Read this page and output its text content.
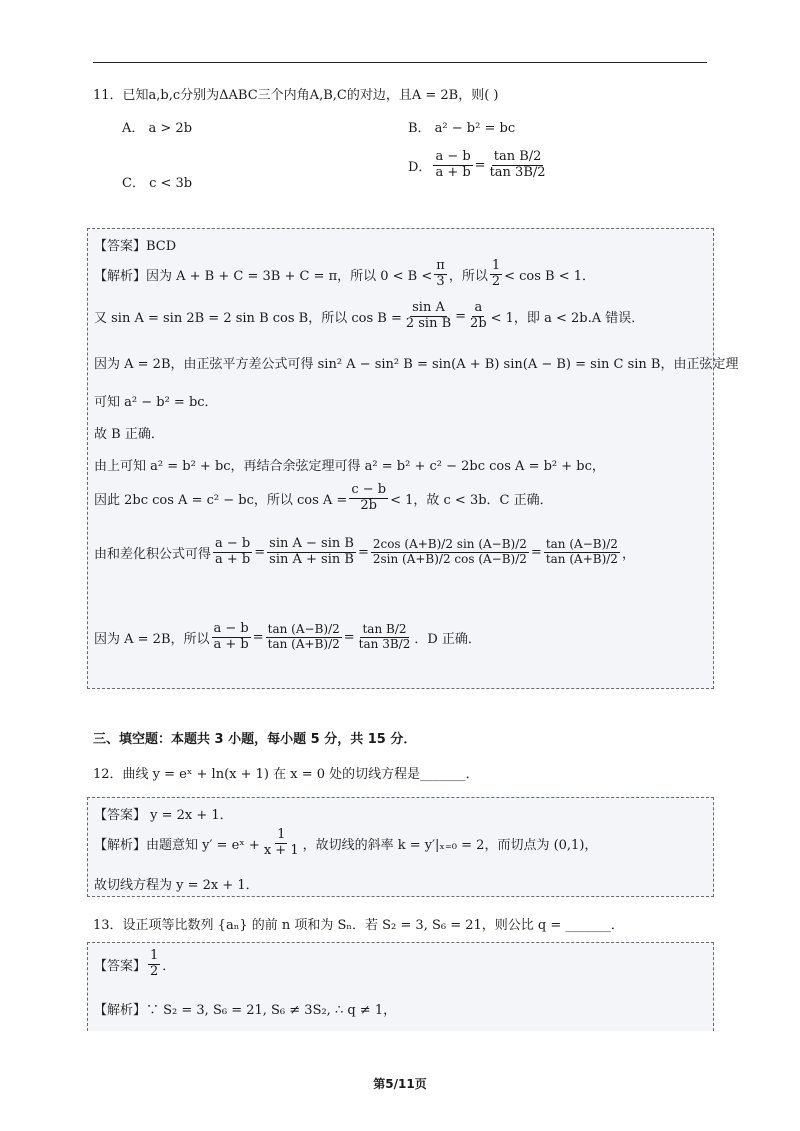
11．已知a,b,c分别为ΔABC三个内角A,B,C的对边，且A = 2B，则( )
A． a > 2b	B． a² − b² = bc
C． c < 3b
D． $\frac{a - b}{a + b} = \frac{\text{tan B/2}}{\tan 3B/2}$
【答案】BCD
【解析】因为 A + B + C = 3B + C = π，所以 $0 < B < \frac{\pi}{3}$ ，所以 $\frac{1}{2} < \cos B < 1$．
又 sin A = sin 2B = 2 sin B cos B，所以 $\cos B = \frac{\text{sin A}}{\text{2 sin B}} = \frac{a}{2b} < 1$，即 a < 2b.A 错误．
因为 A = 2B，由正弦平方差公式可得 sin² A − sin² B = sin(A + B) sin(A − B) = sin C sin B，由正弦定理
可知 a² − b² = bc．
故 B 正确．
由上可知 a² = b² + bc，再结合余弦定理可得 a² = b² + c² − 2bc cos A = b² + bc，
因此 2bc cos A = c² − bc，所以 $\cos A = \frac{c - b}{2b} < 1$，故 c < 3b．C 正确．
由和差化积公式可得 $\frac{a - b}{a + b} = \frac{\text{sin A − sin B}}{\text{sin A + sin B}} = \frac{2\cos (A+B)/2 \sin (A-B)/2}{2\sin (A+B)/2 \cos (A-B)/2} = \frac{\tan (A-B)/2}{\tan (A+B)/2}$ ，
因为 A = 2B，所以 $\frac{a - b}{a + b} = \frac{\tan (A-B)/2}{\tan (A+B)/2} = \frac{\text{tan B/2}}{\tan 3B/2}$ ．D 正确．
三、填空题：本题共 3 小题，每小题 5 分，共 15 分．
12．曲线 y = eˣ + ln(x + 1) 在 x = 0 处的切线方程是_______．
【答案】 y = 2x + 1．
【解析】由题意知 y′ = eˣ + $\frac{1}{x + 1}$ ，故切线的斜率 k = y′|ₓ₌₀ = 2，而切点为 (0,1)，
故切线方程为 y = 2x + 1．
13．设正项等比数列 {aₙ} 的前 n 项和为 Sₙ．若 S₂ = 3, S₆ = 21，则公比 q = _______．
【答案】 $\frac{1}{2}$ ．
【解析】∵ S₂ = 3, S₆ = 21, S₆ ≠ 3S₂, ∴ q ≠ 1，
第5/11页
